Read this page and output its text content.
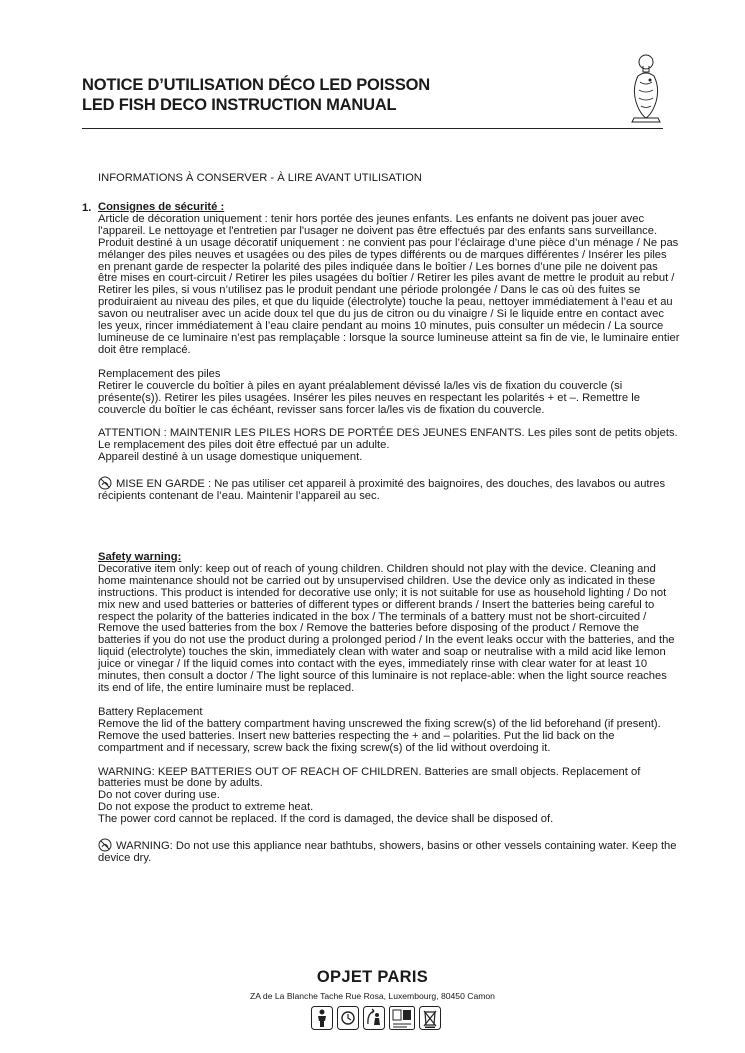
NOTICE D’UTILISATION DÉCO LED POISSON
LED FISH DECO INSTRUCTION MANUAL
INFORMATIONS À CONSERVER - À LIRE AVANT UTILISATION
1. Consignes de sécurité :

Article de décoration uniquement : tenir hors portée des jeunes enfants. Les enfants ne doivent pas jouer avec l'appareil. Le nettoyage et l'entretien par l'usager ne doivent pas être effectués par des enfants sans surveillance. Produit destiné à un usage décoratif uniquement : ne convient pas pour l’éclairage d’une pièce d’un ménage / Ne pas mélanger des piles neuves et usagées ou des piles de types différents ou de marques différentes / Insérer les piles en prenant garde de respecter la polarité des piles indiquée dans le boîtier / Les bornes d’une pile ne doivent pas être mises en court-circuit / Retirer les piles usagées du boîtier / Retirer les piles avant de mettre le produit au rebut / Retirer les piles, si vous n’utilisez pas le produit pendant une période prolongée / Dans le cas où des fuites se produiraient au niveau des piles, et que du liquide (électrolyte) touche la peau, nettoyer immédiatement à l’eau et au savon ou neutraliser avec un acide doux tel que du jus de citron ou du vinaigre / Si le liquide entre en contact avec les yeux, rincer immédiatement à l’eau claire pendant au moins 10 minutes, puis consulter un médecin / La source lumineuse de ce luminaire n’est pas remplaçable : lorsque la source lumineuse atteint sa fin de vie, le luminaire entier doit être remplacé.

Remplacement des piles

Retirer le couvercle du boîtier à piles en ayant préalablement dévissé la/les vis de fixation du couvercle (si présente(s)). Retirer les piles usagées. Insérer les piles neuves en respectant les polarités + et –. Remettre le couvercle du boîtier le cas échéant, revisser sans forcer la/les vis de fixation du couvercle.

ATTENTION : MAINTENIR LES PILES HORS DE PORTÉE DES JEUNES ENFANTS. Les piles sont de petits objets. Le remplacement des piles doit être effectué par un adulte.

Appareil destiné à un usage domestique uniquement.

MISE EN GARDE : Ne pas utiliser cet appareil à proximité des baignoires, des douches, des lavabos ou autres récipients contenant de l’eau. Maintenir l’appareil au sec.

Safety warning:

Decorative item only: keep out of reach of young children. Children should not play with the device. Cleaning and home maintenance should not be carried out by unsupervised children. Use the device only as indicated in these instructions. This product is intended for decorative use only; it is not suitable for use as household lighting / Do not mix new and used batteries or batteries of different types or different brands / Insert the batteries being careful to respect the polarity of the batteries indicated in the box / The terminals of a battery must not be short-circuited / Remove the used batteries from the box / Remove the batteries before disposing of the product / Remove the batteries if you do not use the product during a prolonged period / In the event leaks occur with the batteries, and the liquid (electrolyte) touches the skin, immediately clean with water and soap or neutralise with a mild acid like lemon juice or vinegar / If the liquid comes into contact with the eyes, immediately rinse with clear water for at least 10 minutes, then consult a doctor / The light source of this luminaire is not replace-able: when the light source reaches its end of life, the entire luminaire must be replaced.

Battery Replacement

Remove the lid of the battery compartment having unscrewed the fixing screw(s) of the lid beforehand (if present). Remove the used batteries. Insert new batteries respecting the + and – polarities. Put the lid back on the compartment and if necessary, screw back the fixing screw(s) of the lid without overdoing it.

WARNING: KEEP BATTERIES OUT OF REACH OF CHILDREN. Batteries are small objects. Replacement of batteries must be done by adults.

Do not cover during use.

Do not expose the product to extreme heat.

The power cord cannot be replaced. If the cord is damaged, the device shall be disposed of.

WARNING: Do not use this appliance near bathtubs, showers, basins or other vessels containing water. Keep the device dry.

OPJET PARIS
ZA de La Blanche Tache Rue Rosa, Luxembourg, 80450 Camon
